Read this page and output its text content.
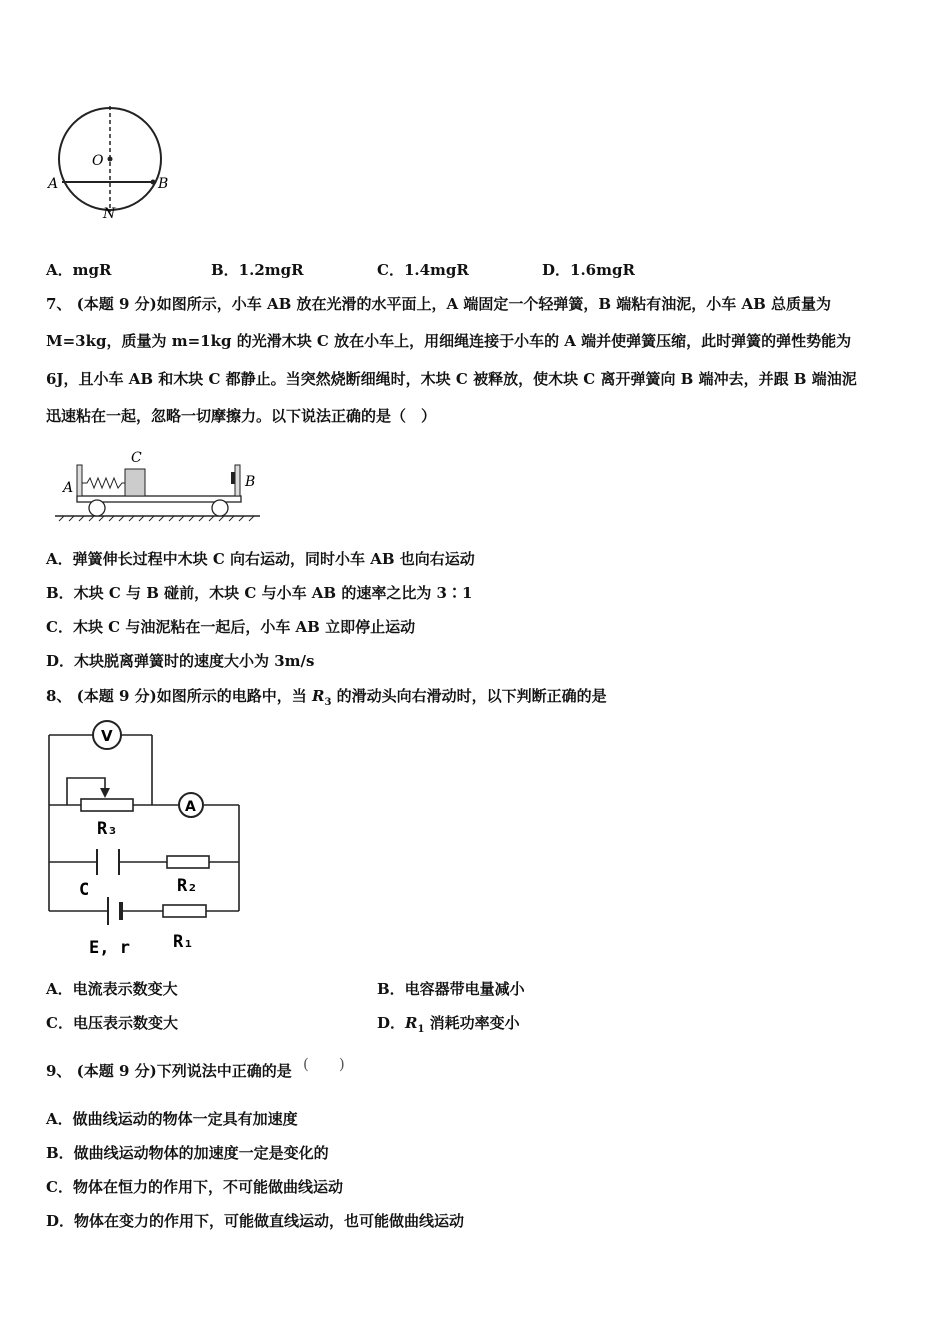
O
A	B
N
A．mgR	B．1.2mgR	C．1.4mgR	D．1.6mgR
7、 (本题 9 分)如图所示，小车 AB 放在光滑的水平面上，A 端固定一个轻弹簧，B 端粘有油泥，小车 AB 总质量为
M=3kg，质量为 m=1kg 的光滑木块 C 放在小车上，用细绳连接于小车的 A 端并使弹簧压缩，此时弹簧的弹性势能为
6J，且小车 AB 和木块 C 都静止。当突然烧断细绳时，木块 C 被释放，使木块 C 离开弹簧向 B 端冲去，并跟 B 端油泥
迅速粘在一起，忽略一切摩擦力。以下说法正确的是（　）
A
C
B
A．弹簧伸长过程中木块 C 向右运动，同时小车 AB 也向右运动
B．木块 C 与 B 碰前，木块 C 与小车 AB 的速率之比为 3∶1
C．木块 C 与油泥粘在一起后，小车 AB 立即停止运动
D．木块脱离弹簧时的速度大小为 3m/s
8、 (本题 9 分)如图所示的电路中，当 $R_3$ 的滑动头向右滑动时，以下判断正确的是
V
A
R₃
C	R₂
E, r	R₁
A．电流表示数变大	B．电容器带电量减小
C．电压表示数变大	D．$R_1$ 消耗功率变小
9、 (本题 9 分)下列说法中正确的是 (　　)
A．做曲线运动的物体一定具有加速度
B．做曲线运动物体的加速度一定是变化的
C．物体在恒力的作用下，不可能做曲线运动
D．物体在变力的作用下，可能做直线运动，也可能做曲线运动
